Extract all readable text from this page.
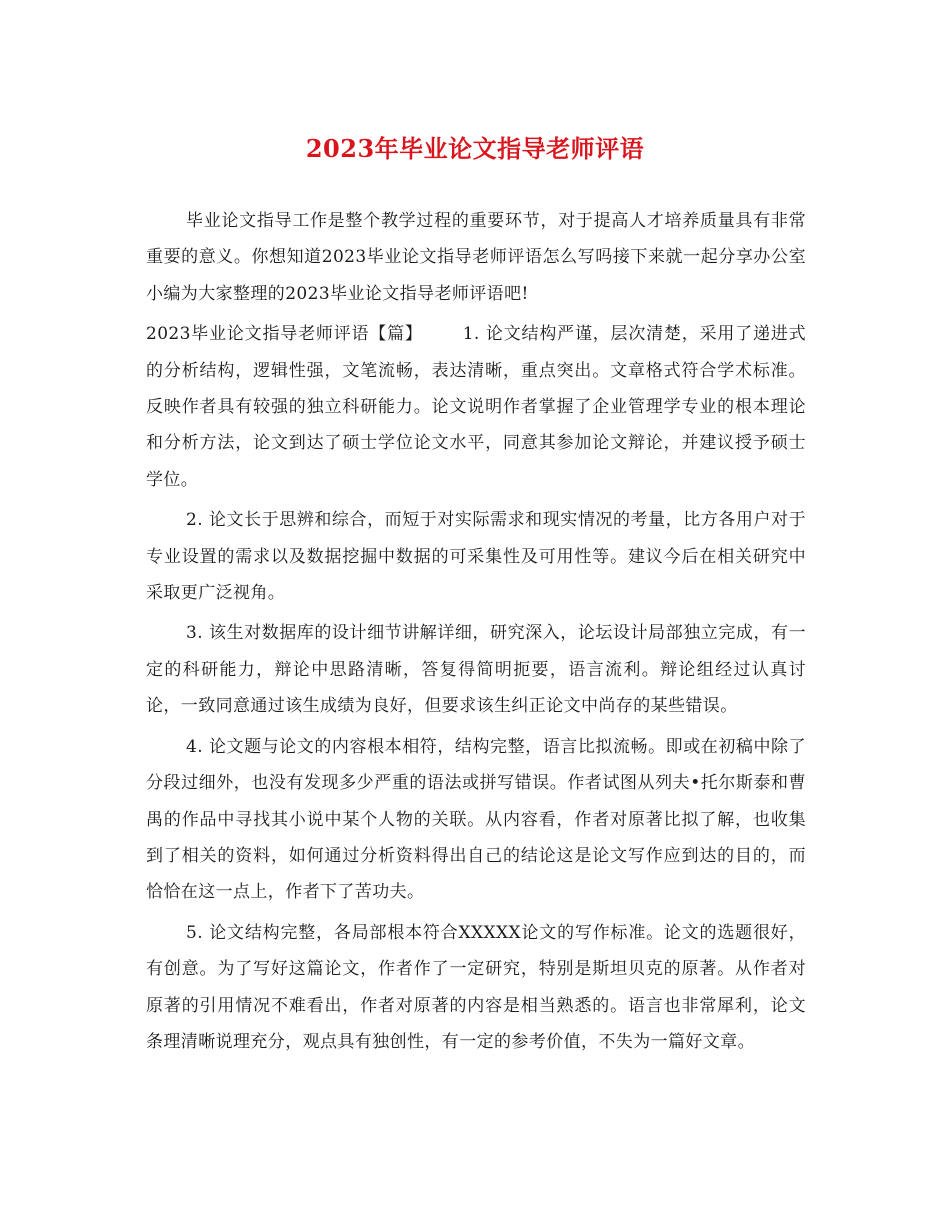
2023年毕业论文指导老师评语

毕业论文指导工作是整个教学过程的重要环节，对于提高人才培养质量具有非常重要的意义。你想知道2023毕业论文指导老师评语怎么写吗接下来就一起分享办公室小编为大家整理的2023毕业论文指导老师评语吧!

2023毕业论文指导老师评语【篇】 1. 论文结构严谨，层次清楚，采用了递进式的分析结构，逻辑性强，文笔流畅，表达清晰，重点突出。文章格式符合学术标准。反映作者具有较强的独立科研能力。论文说明作者掌握了企业管理学专业的根本理论和分析方法，论文到达了硕士学位论文水平，同意其参加论文辩论，并建议授予硕士学位。

2. 论文长于思辨和综合，而短于对实际需求和现实情况的考量，比方各用户对于专业设置的需求以及数据挖掘中数据的可采集性及可用性等。建议今后在相关研究中采取更广泛视角。

3. 该生对数据库的设计细节讲解详细，研究深入，论坛设计局部独立完成，有一定的科研能力，辩论中思路清晰，答复得简明扼要，语言流利。辩论组经过认真讨论，一致同意通过该生成绩为良好，但要求该生纠正论文中尚存的某些错误。

4. 论文题与论文的内容根本相符，结构完整，语言比拟流畅。即或在初稿中除了分段过细外，也没有发现多少严重的语法或拼写错误。作者试图从列夫•托尔斯泰和曹禺的作品中寻找其小说中某个人物的关联。从内容看，作者对原著比拟了解，也收集到了相关的资料，如何通过分析资料得出自己的结论这是论文写作应到达的目的，而恰恰在这一点上，作者下了苦功夫。

5. 论文结构完整，各局部根本符合XXXXX论文的写作标准。论文的选题很好，有创意。为了写好这篇论文，作者作了一定研究，特别是斯坦贝克的原著。从作者对原著的引用情况不难看出，作者对原著的内容是相当熟悉的。语言也非常犀利，论文条理清晰说理充分，观点具有独创性，有一定的参考价值，不失为一篇好文章。
